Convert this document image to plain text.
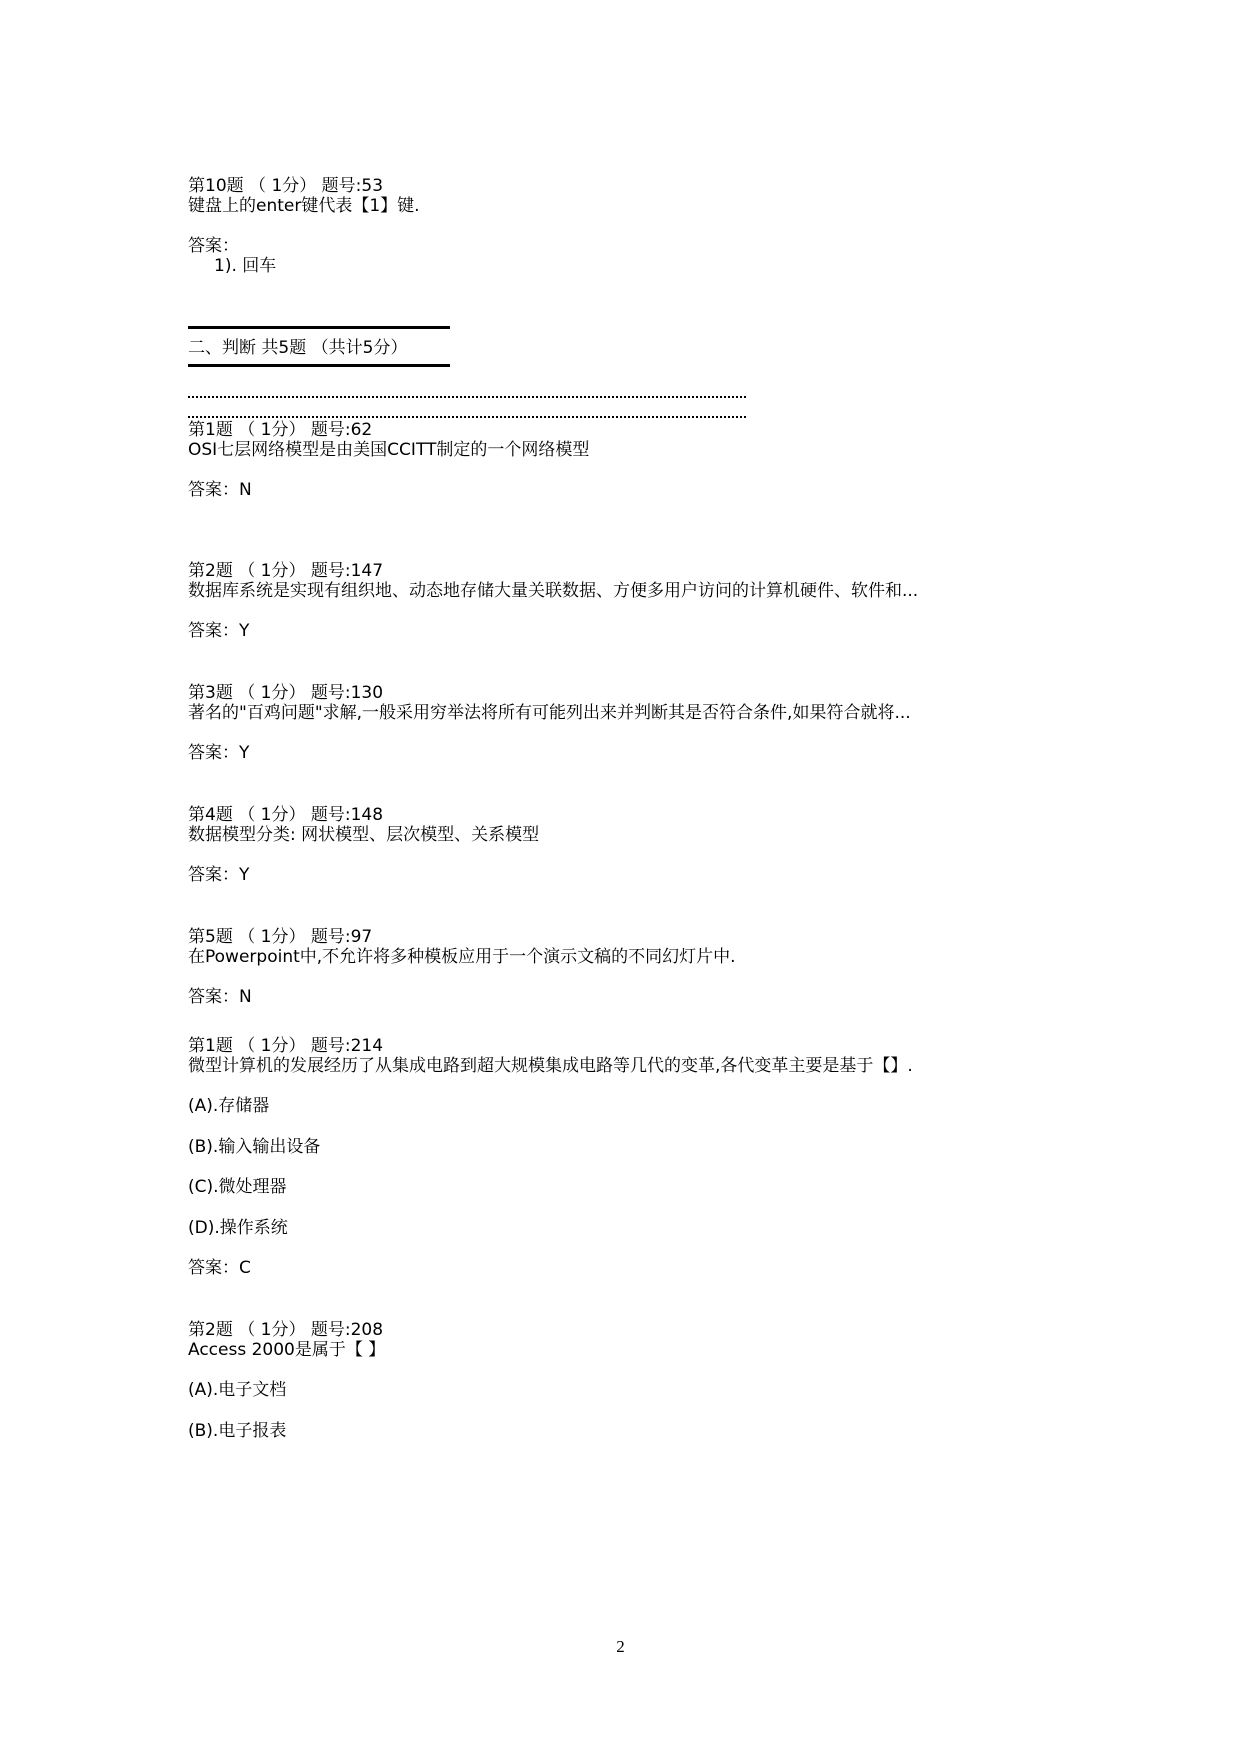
第10题 （ 1分） 题号:53
键盘上的enter键代表【1】键.
答案：
1). 回车
二、判断 共5题 （共计5分）
第1题 （ 1分） 题号:62
OSI七层网络模型是由美国CCITT制定的一个网络模型
答案：N
第2题 （ 1分） 题号:147
数据库系统是实现有组织地、动态地存储大量关联数据、方便多用户访问的计算机硬件、软件和...
答案：Y
第3题 （ 1分） 题号:130
著名的"百鸡问题"求解,一般采用穷举法将所有可能列出来并判断其是否符合条件,如果符合就将...
答案：Y
第4题 （ 1分） 题号:148
数据模型分类: 网状模型、层次模型、关系模型
答案：Y
第5题 （ 1分） 题号:97
在Powerpoint中,不允许将多种模板应用于一个演示文稿的不同幻灯片中.
答案：N
第1题 （ 1分） 题号:214
微型计算机的发展经历了从集成电路到超大规模集成电路等几代的变革,各代变革主要是基于【】.
(A).存储器
(B).输入输出设备
(C).微处理器
(D).操作系统
答案：C
第2题 （ 1分） 题号:208
Access 2000是属于【 】
(A).电子文档
(B).电子报表
2
